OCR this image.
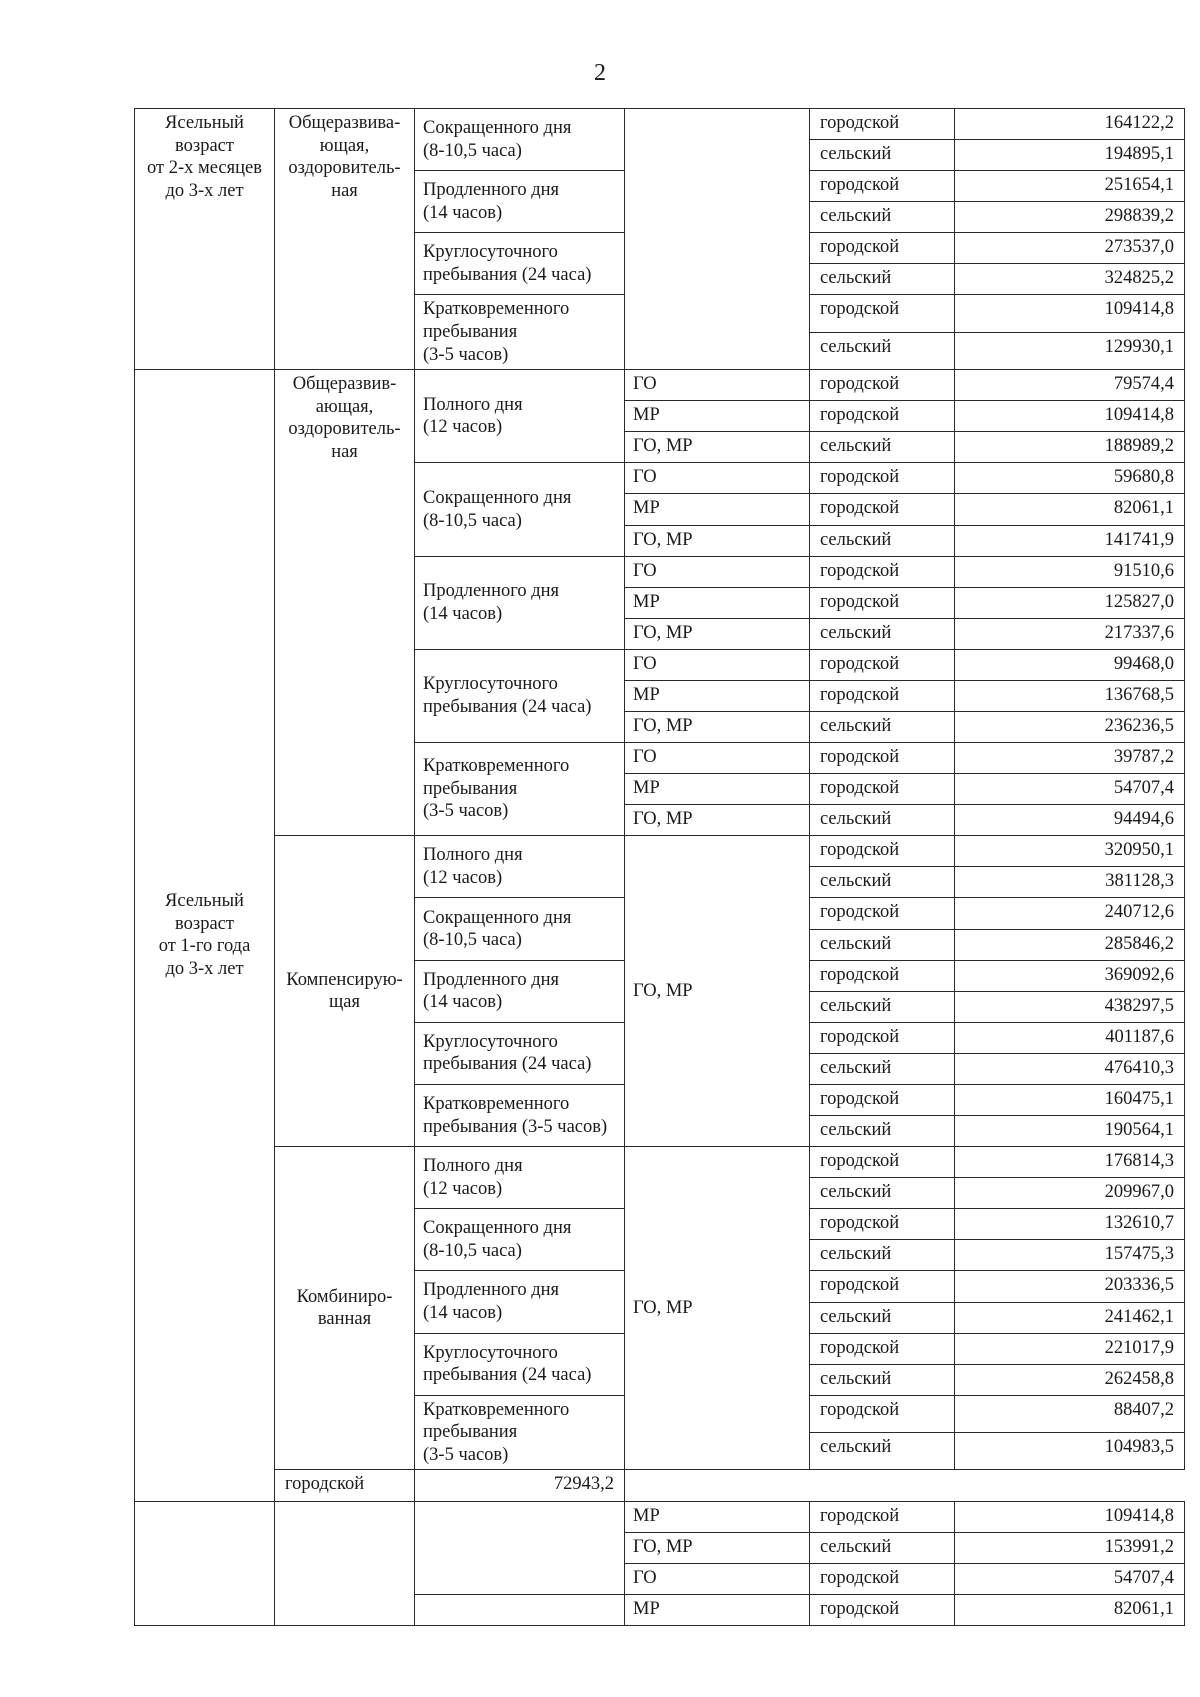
2
Ясельный
возраст
от 2-х месяцев
до 3-х лет	Общеразвива-
ющая,
оздоровитель-
ная	Сокращенного дня
(8-10,5 часа)		городской	164122,2
				сельский	194895,1
		Продленного дня
(14 часов)		городской	251654,1
				сельский	298839,2
		Круглосуточного
пребывания (24 часа)		городской	273537,0
				сельский	324825,2
		Кратковременного
пребывания
(3-5 часов)		городской	109414,8
				сельский	129930,1
Ясельный
возраст
от 1-го года
до 3-х лет	Общеразвив-
ающая,
оздоровитель-
ная	Полного дня
(12 часов)	ГО	городской	79574,4
			МР	городской	109414,8
			ГО, МР	сельский	188989,2
		Сокращенного дня
(8-10,5 часа)	ГО	городской	59680,8
			МР	городской	82061,1
			ГО, МР	сельский	141741,9
		Продленного дня
(14 часов)	ГО	городской	91510,6
			МР	городской	125827,0
			ГО, МР	сельский	217337,6
		Круглосуточного
пребывания (24 часа)	ГО	городской	99468,0
			МР	городской	136768,5
			ГО, МР	сельский	236236,5
		Кратковременного
пребывания
(3-5 часов)	ГО	городской	39787,2
			МР	городской	54707,4
			ГО, МР	сельский	94494,6
	Компенсирую-
щая	Полного дня
(12 часов)	ГО, МР	городской	320950,1
				сельский	381128,3
		Сокращенного дня
(8-10,5 часа)		городской	240712,6
				сельский	285846,2
		Продленного дня
(14 часов)		городской	369092,6
				сельский	438297,5
		Круглосуточного
пребывания (24 часа)		городской	401187,6
				сельский	476410,3
		Кратковременного
пребывания (3-5 часов)		городской	160475,1
				сельский	190564,1
	Комбиниро-
ванная	Полного дня
(12 часов)	ГО, МР	городской	176814,3
				сельский	209967,0
		Сокращенного дня
(8-10,5 часа)		городской	132610,7
				сельский	157475,3
		Продленного дня
(14 часов)		городской	203336,5
				сельский	241462,1
		Круглосуточного
пребывания (24 часа)		городской	221017,9
				сельский	262458,8
		Кратковременного
пребывания
(3-5 часов)		городской	88407,2
				сельский	104983,5
	городской	72943,2			
			МР	городской	109414,8
			ГО, МР	сельский	153991,2
			ГО	городской	54707,4
			МР	городской	82061,1
